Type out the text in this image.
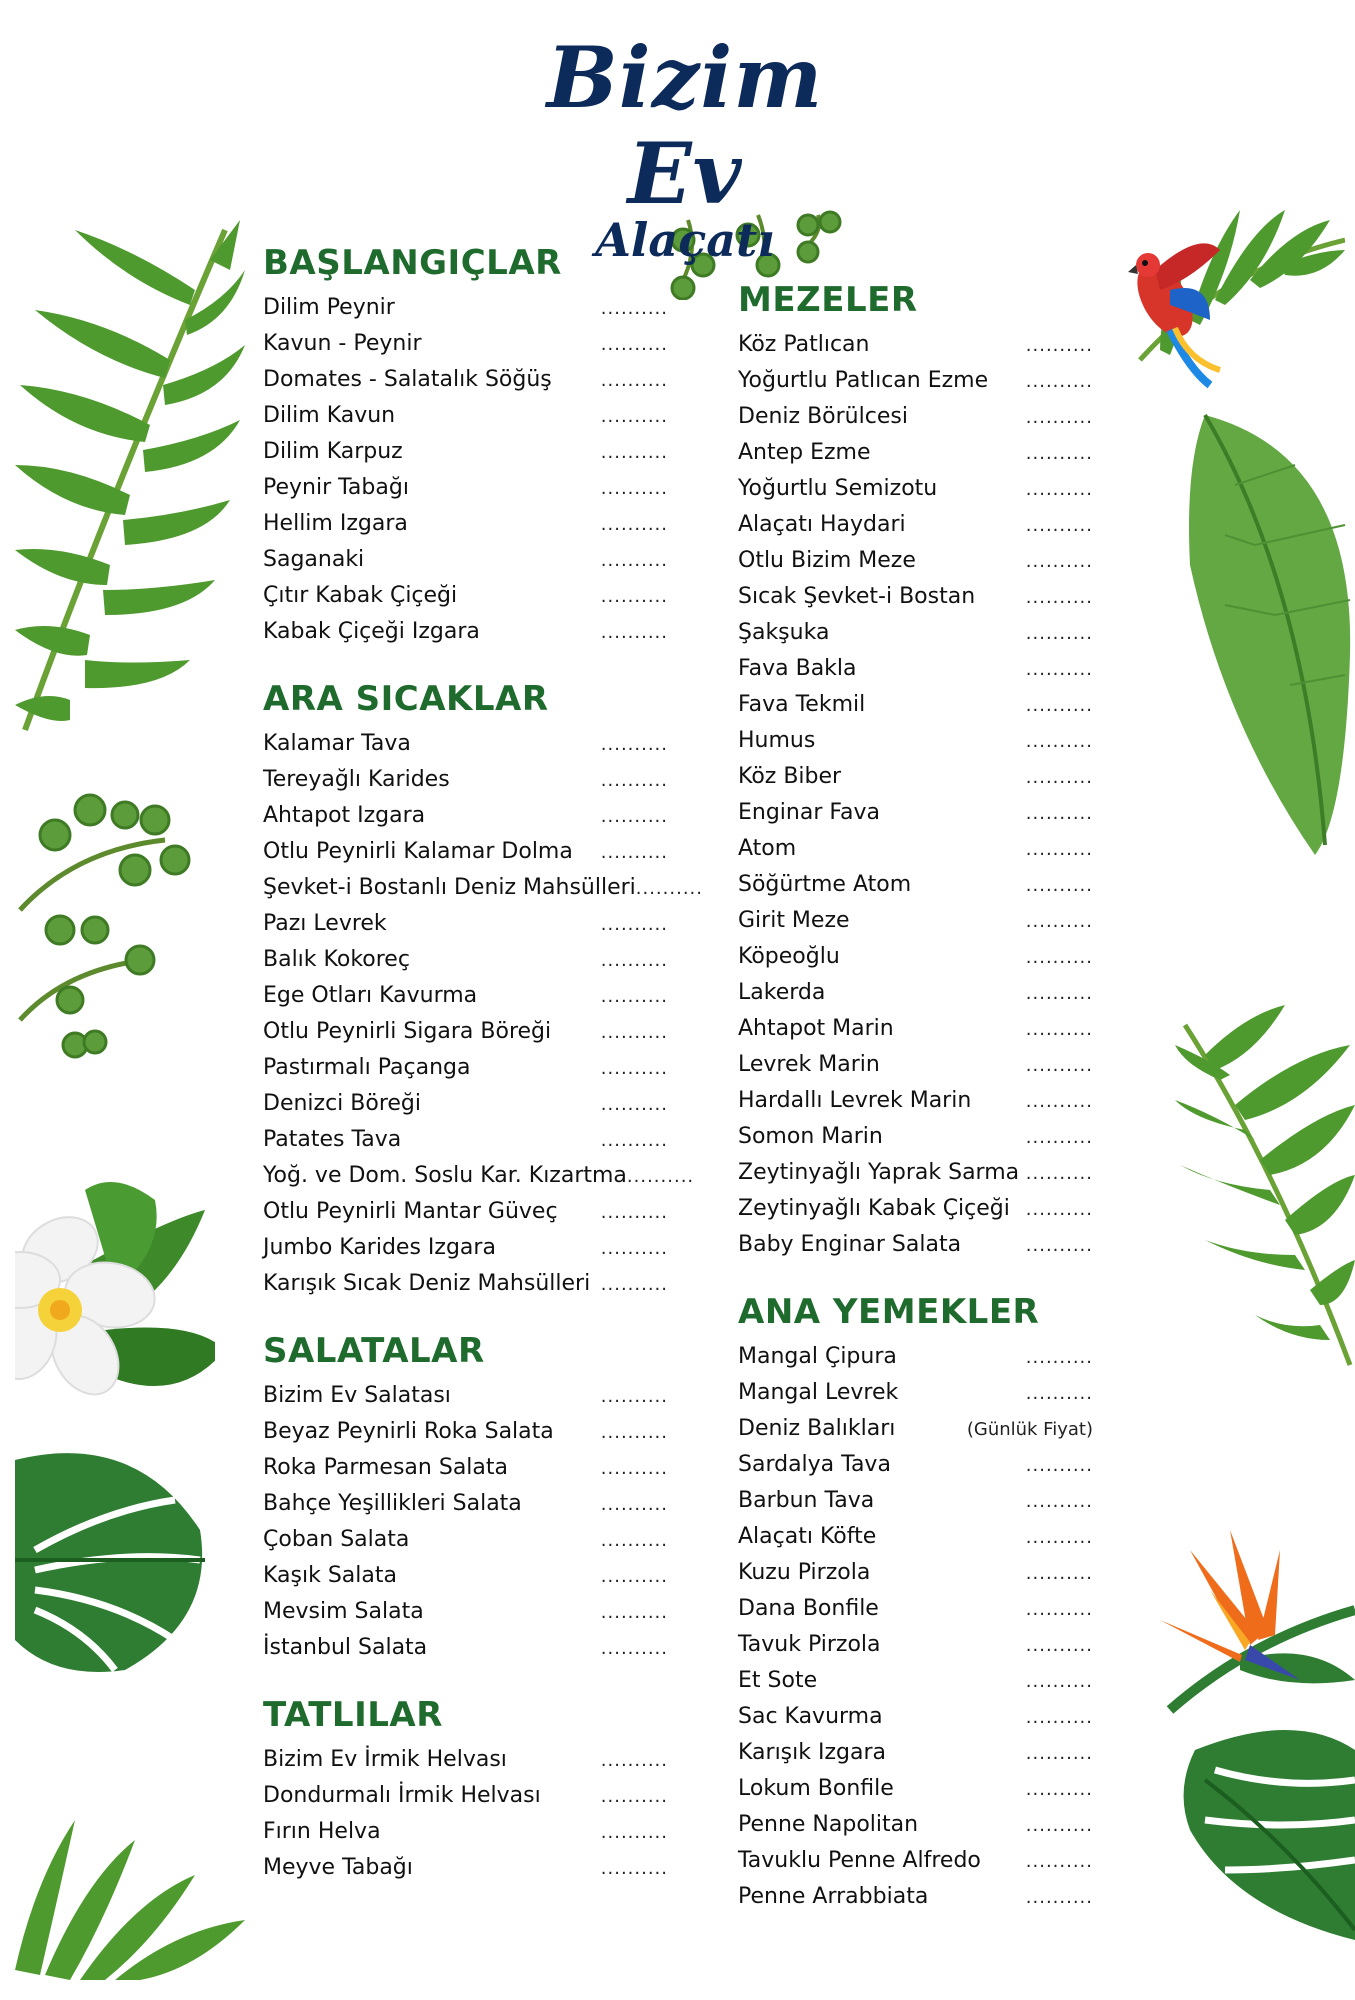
Bizim Ev
Alaçatı
BAŞLANGIÇLAR
Dilim Peynir	..........
Kavun - Peynir	..........
Domates - Salatalık Söğüş	..........
Dilim Kavun	..........
Dilim Karpuz	..........
Peynir Tabağı	..........
Hellim Izgara	..........
Saganaki	..........
Çıtır Kabak Çiçeği	..........
Kabak Çiçeği Izgara	..........
ARA SICAKLAR
Kalamar Tava	..........
Tereyağlı Karides	..........
Ahtapot Izgara	..........
Otlu Peynirli Kalamar Dolma ..........
Şevket-i Bostanlı Deniz Mahsülleri ..........
Pazı Levrek	..........
Balık Kokoreç	..........
Ege Otları Kavurma	..........
Otlu Peynirli Sigara Böreği	..........
Pastırmalı Paçanga	..........
Denizci Böreği	..........
Patates Tava	..........
Yoğ. ve Dom. Soslu Kar. Kızartma ..........
Otlu Peynirli Mantar Güveç ..........
Jumbo Karides Izgara	..........
Karışık Sıcak Deniz Mahsülleri ..........
SALATALAR
Bizim Ev Salatası	..........
Beyaz Peynirli Roka Salata	..........
Roka Parmesan Salata	..........
Bahçe Yeşillikleri Salata	..........
Çoban Salata	..........
Kaşık Salata	..........
Mevsim Salata	..........
İstanbul Salata	..........
TATLILAR
Bizim Ev İrmik Helvası	..........
Dondurmalı İrmik Helvası	..........
Fırın Helva	..........
Meyve Tabağı	..........
MEZELER
Köz Patlıcan	..........
Yoğurtlu Patlıcan Ezme ..........
Deniz Börülcesi	..........
Antep Ezme	..........
Yoğurtlu Semizotu	..........
Alaçatı Haydari	..........
Otlu Bizim Meze	..........
Sıcak Şevket-i Bostan	..........
Şakşuka	..........
Fava Bakla	..........
Fava Tekmil	..........
Humus	..........
Köz Biber	..........
Enginar Fava	..........
Atom	..........
Söğürtme Atom	..........
Girit Meze	..........
Köpeoğlu	..........
Lakerda	..........
Ahtapot Marin	..........
Levrek Marin	..........
Hardallı Levrek Marin	..........
Somon Marin	..........
Zeytinyağlı Yaprak Sarma ..........
Zeytinyağlı Kabak Çiçeği ..........
Baby Enginar Salata	..........
ANA YEMEKLER
Mangal Çipura	..........
Mangal Levrek	..........
Deniz Balıkları	(Günlük Fiyat)
Sardalya Tava	..........
Barbun Tava	..........
Alaçatı Köfte	..........
Kuzu Pirzola	..........
Dana Bonfile	..........
Tavuk Pirzola	..........
Et Sote	..........
Sac Kavurma	..........
Karışık Izgara	..........
Lokum Bonfile	..........
Penne Napolitan	..........
Tavuklu Penne Alfredo ..........
Penne Arrabbiata	..........
